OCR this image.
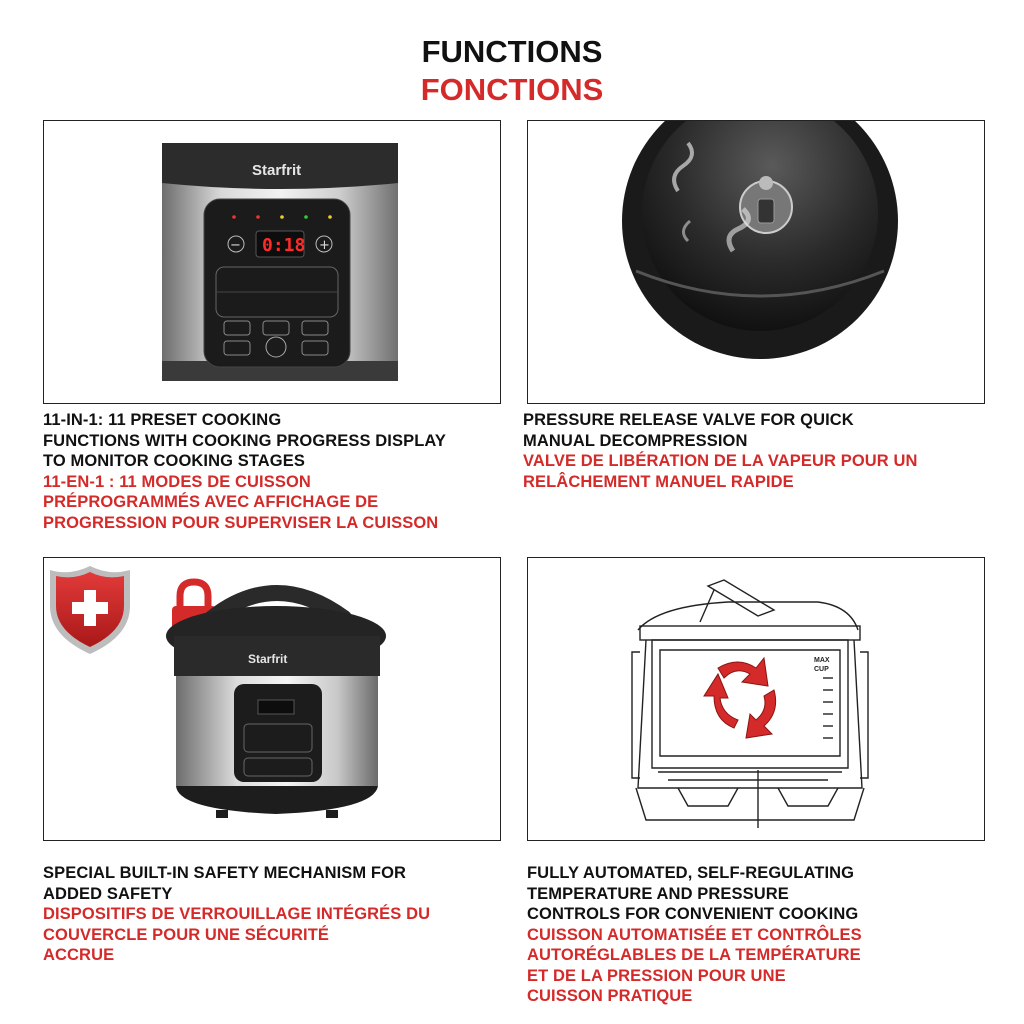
FUNCTIONS
FONCTIONS
Starfrit
0:18
−	+
Starfrit	MAX
CUP
11-IN-1: 11 PRESET COOKING
FUNCTIONS WITH COOKING PROGRESS DISPLAY
TO MONITOR COOKING STAGES
11-EN-1 : 11 MODES DE CUISSON
PRÉPROGRAMMÉS AVEC AFFICHAGE DE
PROGRESSION POUR SUPERVISER LA CUISSON
PRESSURE RELEASE VALVE FOR QUICK
MANUAL DECOMPRESSION
VALVE DE LIBÉRATION DE LA VAPEUR POUR UN
RELÂCHEMENT MANUEL RAPIDE
SPECIAL BUILT-IN SAFETY MECHANISM FOR
ADDED SAFETY
DISPOSITIFS DE VERROUILLAGE INTÉGRÉS DU
COUVERCLE POUR UNE SÉCURITÉ
ACCRUE
FULLY AUTOMATED, SELF-REGULATING
TEMPERATURE AND PRESSURE
CONTROLS FOR CONVENIENT COOKING
CUISSON AUTOMATISÉE ET CONTRÔLES
AUTORÉGLABLES DE LA TEMPÉRATURE
ET DE LA PRESSION POUR UNE
CUISSON PRATIQUE
